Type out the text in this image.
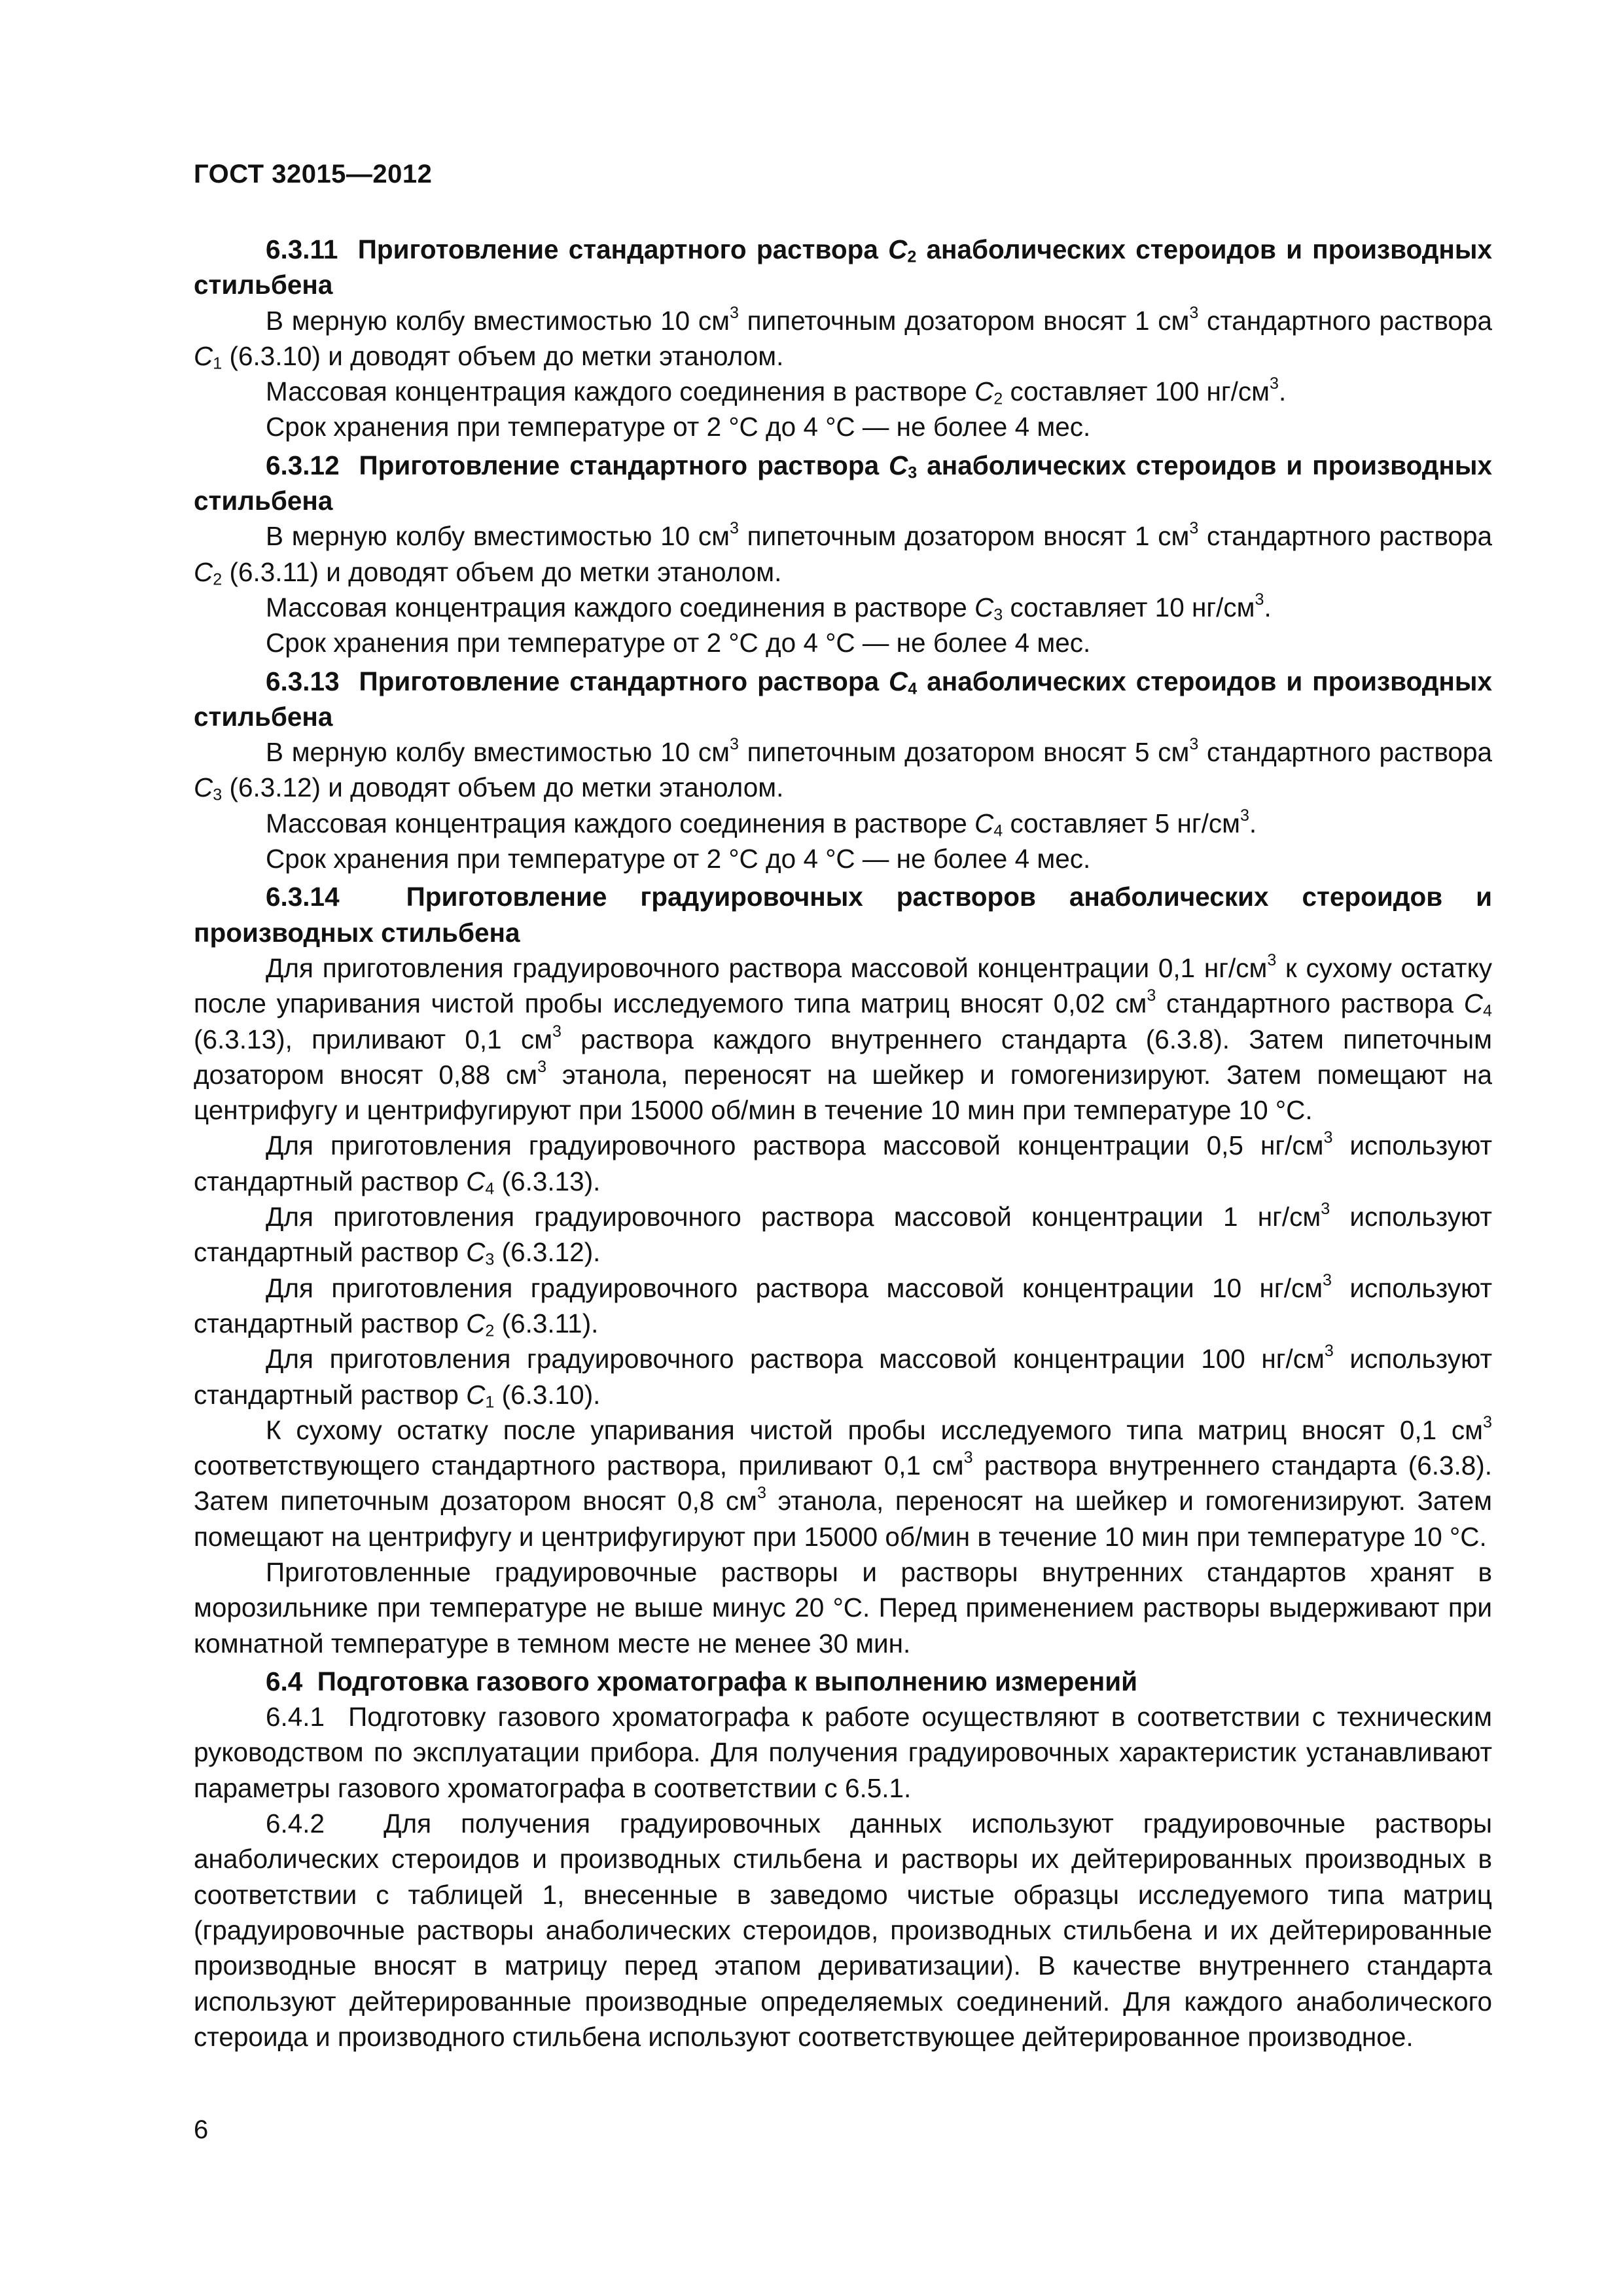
ГОСТ 32015—2012

6.3.11  Приготовление стандартного раствора $C_2$ анаболических стероидов и производных стильбена

В мерную колбу вместимостью 10 $см^3$ пипеточным дозатором вносят 1 $см^3$ стандартного раствора $C_1$ (6.3.10) и доводят объем до метки этанолом.

Массовая концентрация каждого соединения в растворе $C_2$ составляет 100 $нг/см^3$.

Срок хранения при температуре от 2 °С до 4 °С — не более 4 мес.

6.3.12  Приготовление стандартного раствора $C_3$ анаболических стероидов и производных стильбена

В мерную колбу вместимостью 10 $см^3$ пипеточным дозатором вносят 1 $см^3$ стандартного раствора $C_2$ (6.3.11) и доводят объем до метки этанолом.

Массовая концентрация каждого соединения в растворе $C_3$ составляет 10 $нг/см^3$.

Срок хранения при температуре от 2 °С до 4 °С — не более 4 мес.

6.3.13  Приготовление стандартного раствора $C_4$ анаболических стероидов и производных стильбена

В мерную колбу вместимостью 10 $см^3$ пипеточным дозатором вносят 5 $см^3$ стандартного раствора $C_3$ (6.3.12) и доводят объем до метки этанолом.

Массовая концентрация каждого соединения в растворе $C_4$ составляет 5 $нг/см^3$.

Срок хранения при температуре от 2 °С до 4 °С — не более 4 мес.

6.3.14  Приготовление градуировочных растворов анаболических стероидов и производных стильбена

Для приготовления градуировочного раствора массовой концентрации 0,1 $нг/см^3$ к сухому остатку после упаривания чистой пробы исследуемого типа матриц вносят 0,02 $см^3$ стандартного раствора $C_4$ (6.3.13), приливают 0,1 $см^3$ раствора каждого внутреннего стандарта (6.3.8). Затем пипеточным дозатором вносят 0,88 $см^3$ этанола, переносят на шейкер и гомогенизируют. Затем помещают на центрифугу и центрифугируют при 15000 об/мин в течение 10 мин при температуре 10 °С.

Для приготовления градуировочного раствора массовой концентрации 0,5 $нг/см^3$ используют стандартный раствор $C_4$ (6.3.13).

Для приготовления градуировочного раствора массовой концентрации 1 $нг/см^3$ используют стандартный раствор $C_3$ (6.3.12).

Для приготовления градуировочного раствора массовой концентрации 10 $нг/см^3$ используют стандартный раствор $C_2$ (6.3.11).

Для приготовления градуировочного раствора массовой концентрации 100 $нг/см^3$ используют стандартный раствор $C_1$ (6.3.10).

К сухому остатку после упаривания чистой пробы исследуемого типа матриц вносят 0,1 $см^3$ соответствующего стандартного раствора, приливают 0,1 $см^3$ раствора внутреннего стандарта (6.3.8). Затем пипеточным дозатором вносят 0,8 $см^3$ этанола, переносят на шейкер и гомогенизируют. Затем помещают на центрифугу и центрифугируют при 15000 об/мин в течение 10 мин при температуре 10 °С.

Приготовленные градуировочные растворы и растворы внутренних стандартов хранят в морозильнике при температуре не выше минус 20 °С. Перед применением растворы выдерживают при комнатной температуре в темном месте не менее 30 мин.

6.4  Подготовка газового хроматографа к выполнению измерений

6.4.1  Подготовку газового хроматографа к работе осуществляют в соответствии с техническим руководством по эксплуатации прибора. Для получения градуировочных характеристик устанавливают параметры газового хроматографа в соответствии с 6.5.1.

6.4.2  Для получения градуировочных данных используют градуировочные растворы анаболических стероидов и производных стильбена и растворы их дейтерированных производных в соответствии с таблицей 1, внесенные в заведомо чистые образцы исследуемого типа матриц (градуировочные растворы анаболических стероидов, производных стильбена и их дейтерированные производные вносят в матрицу перед этапом дериватизации). В качестве внутреннего стандарта используют дейтерированные производные определяемых соединений. Для каждого анаболического стероида и производного стильбена используют соответствующее дейтерированное производное.

6
